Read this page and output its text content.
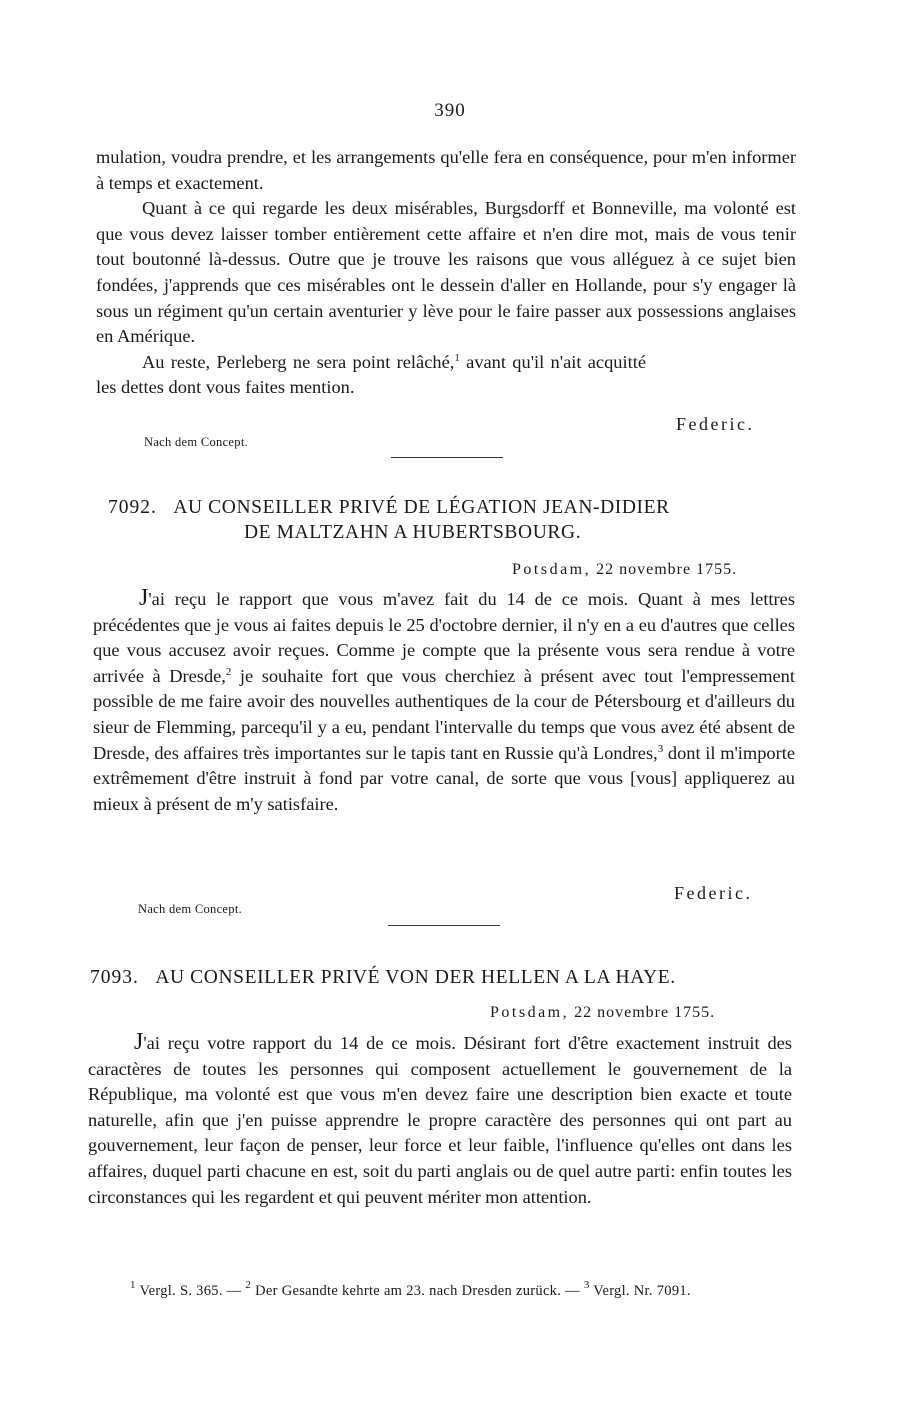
390

mulation, voudra prendre, et les arrangements qu'elle fera en conséquence, pour m'en informer à temps et exactement.

Quant à ce qui regarde les deux misérables, Burgsdorff et Bonneville, ma volonté est que vous devez laisser tomber entièrement cette affaire et n'en dire mot, mais de vous tenir tout boutonné là-dessus. Outre que je trouve les raisons que vous alléguez à ce sujet bien fondées, j'apprends que ces misérables ont le dessein d'aller en Hollande, pour s'y engager là sous un régiment qu'un certain aventurier y lève pour le faire passer aux possessions anglaises en Amérique.

Au reste, Perleberg ne sera point relâché,$^1$ avant qu'il n'ait acquitté les dettes dont vous faites mention.

Federic.
Nach dem Concept.
7092. AU CONSEILLER PRIVÉ DE LÉGATION JEAN-DIDIER
DE MALTZAHN A HUBERTSBOURG.
Potsdam, 22 novembre 1755.

J'ai reçu le rapport que vous m'avez fait du 14 de ce mois. Quant à mes lettres précédentes que je vous ai faites depuis le 25 d'octobre dernier, il n'y en a eu d'autres que celles que vous accusez avoir reçues. Comme je compte que la présente vous sera rendue à votre arrivée à Dresde,$^2$ je souhaite fort que vous cherchiez à présent avec tout l'empressement possible de me faire avoir des nouvelles authentiques de la cour de Pétersbourg et d'ailleurs du sieur de Flemming, parcequ'il y a eu, pendant l'intervalle du temps que vous avez été absent de Dresde, des affaires très importantes sur le tapis tant en Russie qu'à Londres,$^3$ dont il m'importe extrêmement d'être instruit à fond par votre canal, de sorte que vous [vous] appliquerez au mieux à présent de m'y satisfaire.

Federic.
Nach dem Concept.
7093. AU CONSEILLER PRIVÉ VON DER HELLEN A LA HAYE.
Potsdam, 22 novembre 1755.

J'ai reçu votre rapport du 14 de ce mois. Désirant fort d'être exactement instruit des caractères de toutes les personnes qui composent actuellement le gouvernement de la République, ma volonté est que vous m'en devez faire une description bien exacte et toute naturelle, afin que j'en puisse apprendre le propre caractère des personnes qui ont part au gouvernement, leur façon de penser, leur force et leur faible, l'influence qu'elles ont dans les affaires, duquel parti chacune en est, soit du parti anglais ou de quel autre parti: enfin toutes les circonstances qui les regardent et qui peuvent mériter mon attention.

$^1$ Vergl. S. 365. — $^2$ Der Gesandte kehrte am 23. nach Dresden zurück. — $^3$ Vergl. Nr. 7091.
